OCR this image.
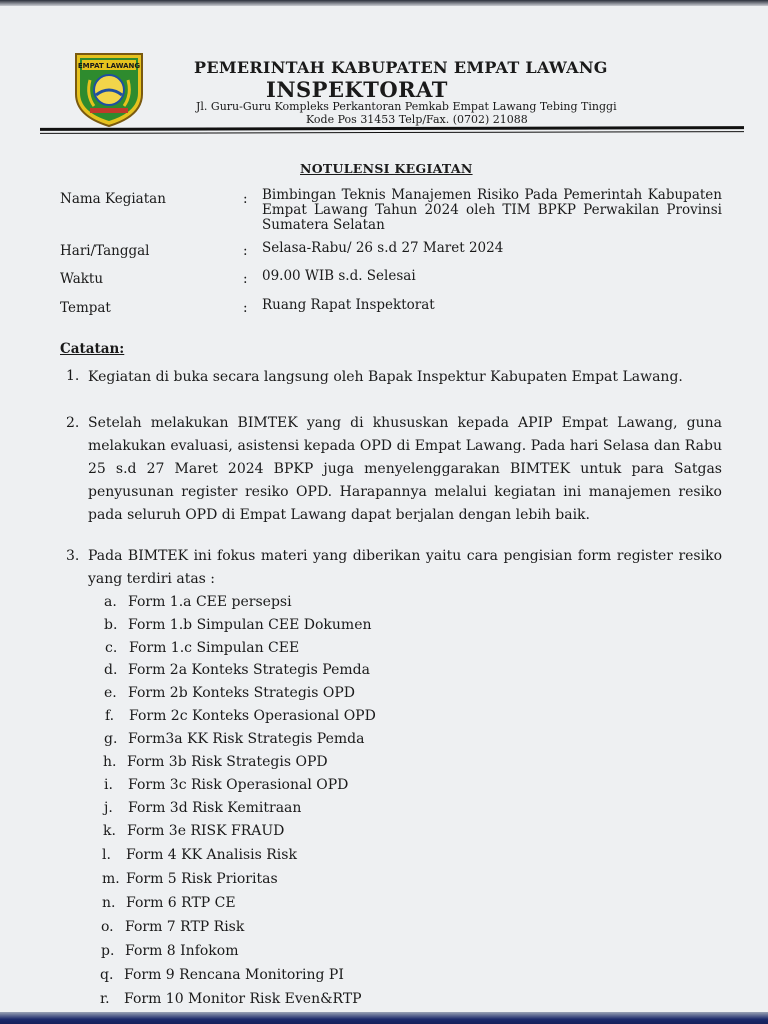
EMPAT LAWANG	PEMERINTAH KABUPATEN EMPAT LAWANG
INSPEKTORAT
Jl. Guru-Guru Kompleks Perkantoran Pemkab Empat Lawang Tebing Tinggi
Kode Pos 31453 Telp/Fax. (0702) 21088
NOTULENSI KEGIATAN
Nama Kegiatan	:	Bimbingan Teknis Manajemen Risiko Pada Pemerintah Kabupaten Empat Lawang Tahun 2024 oleh TIM BPKP Perwakilan Provinsi Sumatera Selatan
Hari/Tanggal	:	Selasa-Rabu/ 26 s.d 27 Maret 2024
Waktu	:	09.00 WIB s.d. Selesai
Tempat	:	Ruang Rapat Inspektorat
Catatan:
1. Kegiatan di buka secara langsung oleh Bapak Inspektur Kabupaten Empat Lawang.
2. Setelah melakukan BIMTEK yang di khususkan kepada APIP Empat Lawang, guna melakukan evaluasi, asistensi kepada OPD di Empat Lawang. Pada hari Selasa dan Rabu 25 s.d 27 Maret 2024 BPKP juga menyelenggarakan BIMTEK untuk para Satgas penyusunan register resiko OPD. Harapannya melalui kegiatan ini manajemen resiko pada seluruh OPD di Empat Lawang dapat berjalan dengan lebih baik.
3. Pada BIMTEK ini fokus materi yang diberikan yaitu cara pengisian form register resiko yang terdiri atas :
a. Form 1.a CEE persepsi
b. Form 1.b Simpulan CEE Dokumen
c. Form 1.c Simpulan CEE
d. Form 2a Konteks Strategis Pemda
e. Form 2b Konteks Strategis OPD
f.	Form 2c Konteks Operasional OPD
g. Form3a KK Risk Strategis Pemda
h. Form 3b Risk Strategis OPD
i.	Form 3c Risk Operasional OPD
j.	Form 3d Risk Kemitraan
k. Form 3e RISK FRAUD
l.	Form 4 KK Analisis Risk
m. Form 5 Risk Prioritas
n. Form 6 RTP CE
o. Form 7 RTP Risk
p. Form 8 Infokom
q. Form 9 Rencana Monitoring PI
r.	Form 10 Monitor Risk Even&RTP
